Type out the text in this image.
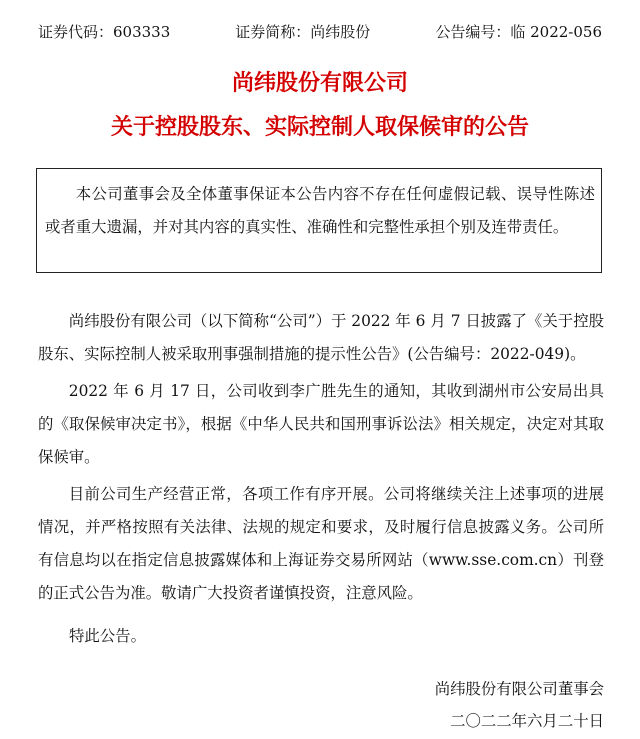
证券代码：603333	证券简称：尚纬股份	公告编号：临 2022-056
尚纬股份有限公司
关于控股股东、实际控制人取保候审的公告

本公司董事会及全体董事保证本公告内容不存在任何虚假记载、误导性陈述或者重大遗漏，并对其内容的真实性、准确性和完整性承担个别及连带责任。

尚纬股份有限公司（以下简称“公司”）于 2022 年 6 月 7 日披露了《关于控股股东、实际控制人被采取刑事强制措施的提示性公告》(公告编号：2022-049)。

2022 年 6 月 17 日，公司收到李广胜先生的通知，其收到湖州市公安局出具的《取保候审决定书》，根据《中华人民共和国刑事诉讼法》相关规定，决定对其取保候审。

目前公司生产经营正常，各项工作有序开展。公司将继续关注上述事项的进展情况，并严格按照有关法律、法规的规定和要求，及时履行信息披露义务。公司所有信息均以在指定信息披露媒体和上海证券交易所网站（www.sse.com.cn）刊登的正式公告为准。敬请广大投资者谨慎投资，注意风险。

特此公告。
尚纬股份有限公司董事会
二〇二二年六月二十日
